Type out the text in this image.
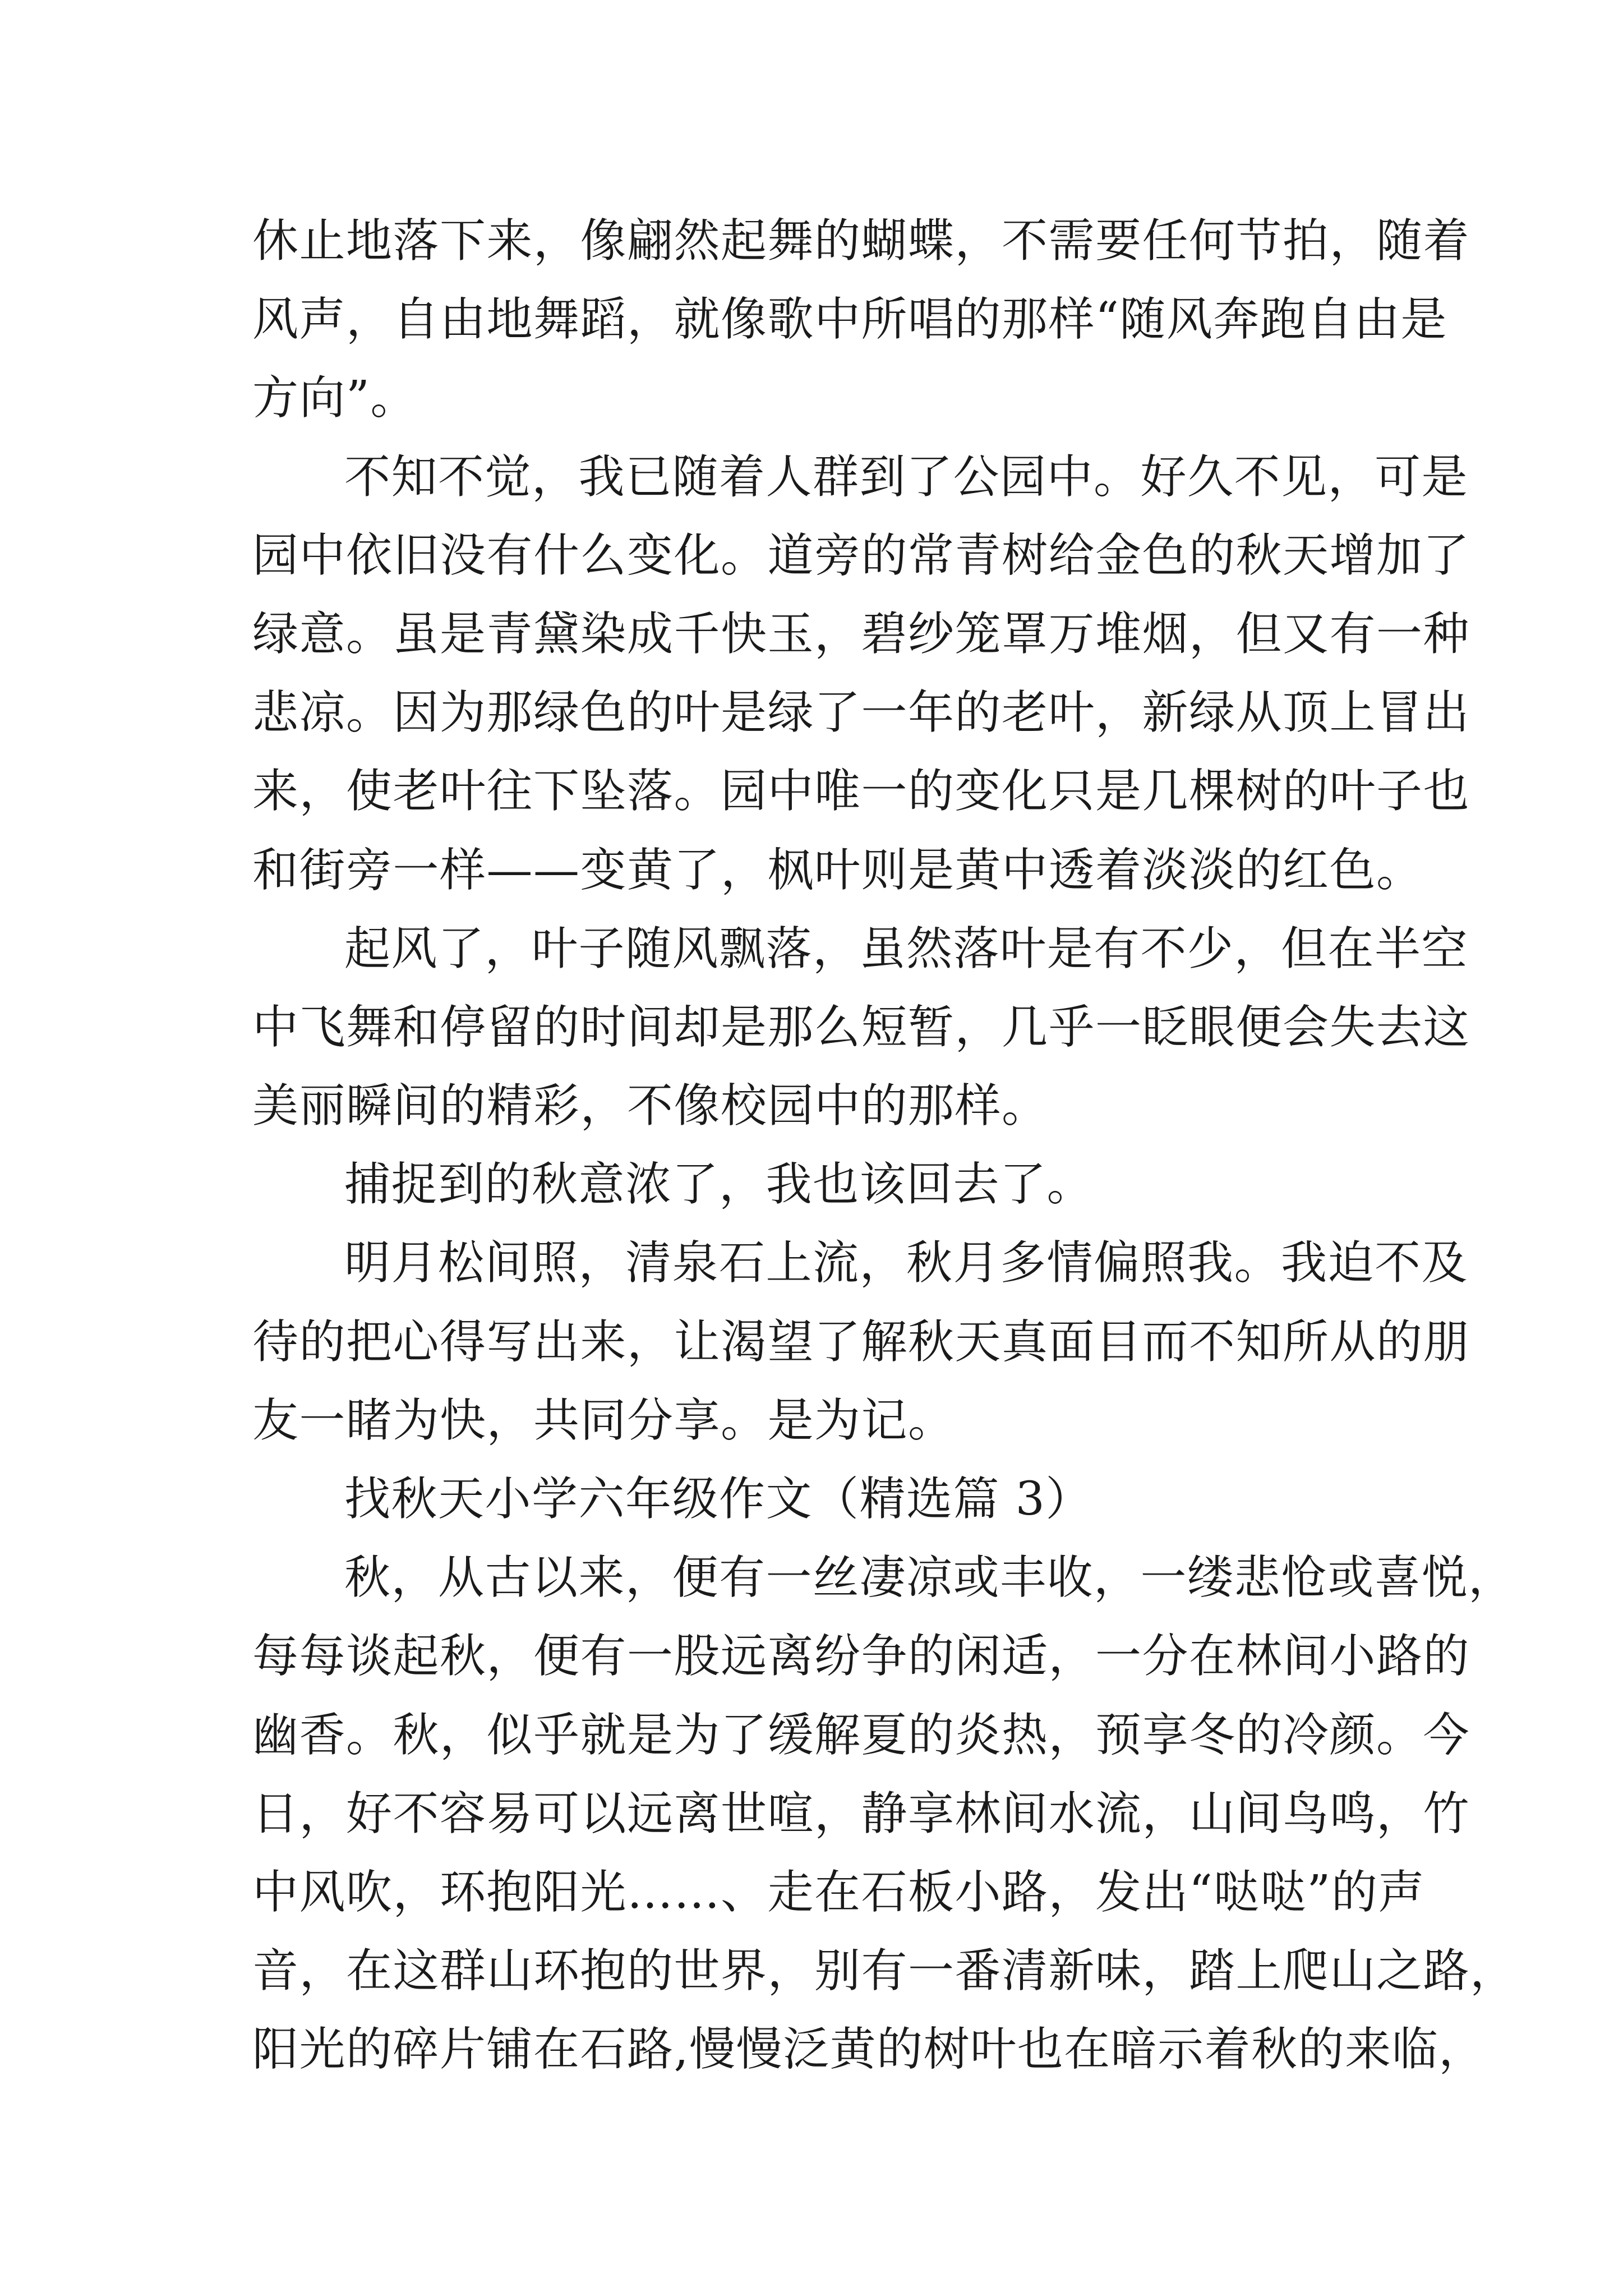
休止地落下来，像翩然起舞的蝴蝶，不需要任何节拍，随着
风声，自由地舞蹈，就像歌中所唱的那样“随风奔跑自由是
方向”。
不知不觉，我已随着人群到了公园中。好久不见，可是
园中依旧没有什么变化。道旁的常青树给金色的秋天增加了
绿意。虽是青黛染成千快玉，碧纱笼罩万堆烟，但又有一种
悲凉。因为那绿色的叶是绿了一年的老叶，新绿从顶上冒出
来，使老叶往下坠落。园中唯一的变化只是几棵树的叶子也
和街旁一样——变黄了，枫叶则是黄中透着淡淡的红色。
起风了，叶子随风飘落，虽然落叶是有不少，但在半空
中飞舞和停留的时间却是那么短暂，几乎一眨眼便会失去这
美丽瞬间的精彩，不像校园中的那样。
捕捉到的秋意浓了，我也该回去了。
明月松间照，清泉石上流，秋月多情偏照我。我迫不及
待的把心得写出来，让渴望了解秋天真面目而不知所从的朋
友一睹为快，共同分享。是为记。
找秋天小学六年级作文（精选篇 3）
秋，从古以来，便有一丝凄凉或丰收，一缕悲怆或喜悦，
每每谈起秋，便有一股远离纷争的闲适，一分在林间小路的
幽香。秋，似乎就是为了缓解夏的炎热，预享冬的冷颜。今
日，好不容易可以远离世喧，静享林间水流，山间鸟鸣，竹
中风吹，环抱阳光……、走在石板小路，发出“哒哒”的声
音，在这群山环抱的世界，别有一番清新味，踏上爬山之路，
阳光的碎片铺在石路,慢慢泛黄的树叶也在暗示着秋的来临，
